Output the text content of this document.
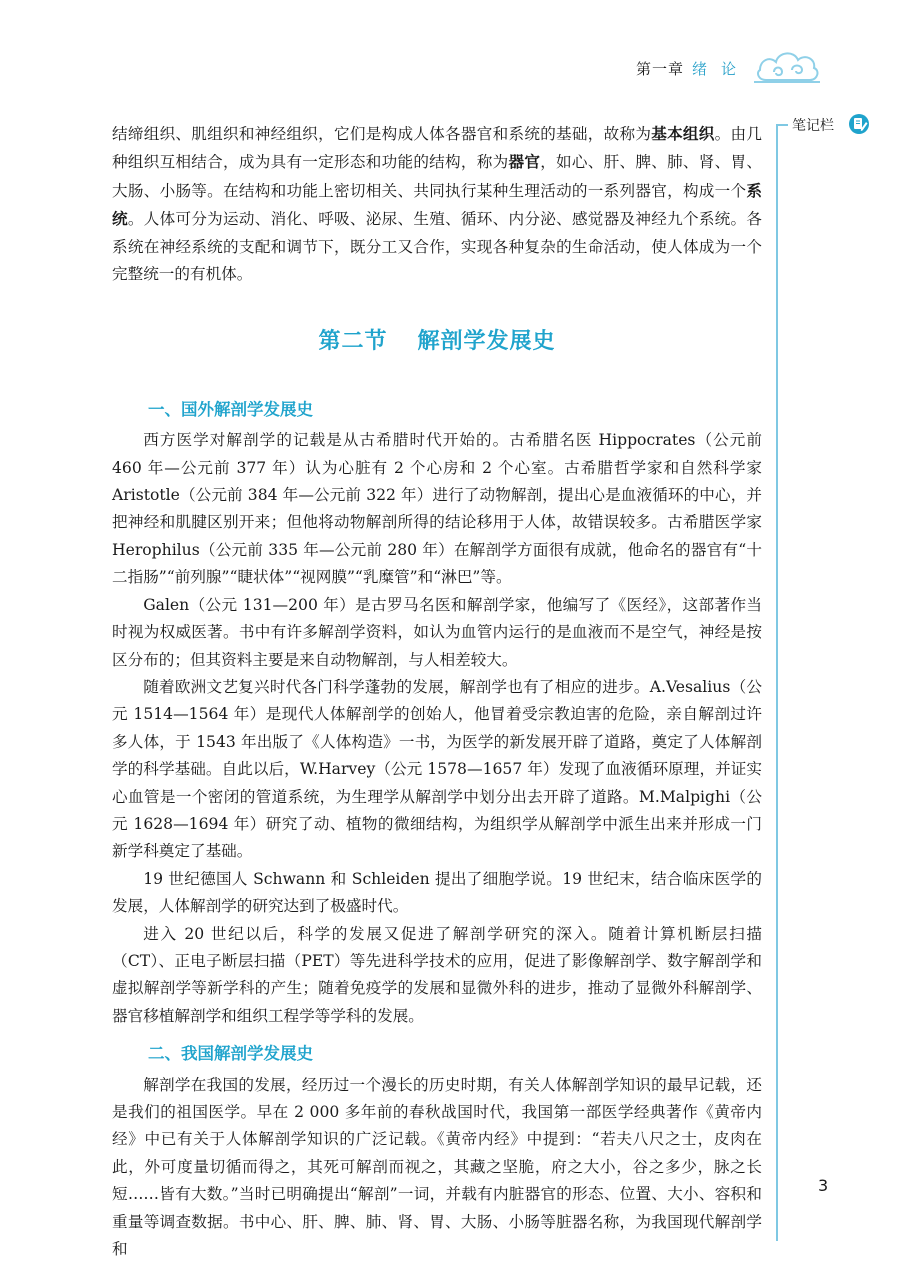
第一章 绪论
笔记栏

结缔组织、肌组织和神经组织，它们是构成人体各器官和系统的基础，故称为基本组织。由几种组织互相结合，成为具有一定形态和功能的结构，称为器官，如心、肝、脾、肺、肾、胃、大肠、小肠等。在结构和功能上密切相关、共同执行某种生理活动的一系列器官，构成一个系统。人体可分为运动、消化、呼吸、泌尿、生殖、循环、内分泌、感觉器及神经九个系统。各系统在神经系统的支配和调节下，既分工又合作，实现各种复杂的生命活动，使人体成为一个完整统一的有机体。

第二节 解剖学发展史
一、国外解剖学发展史

西方医学对解剖学的记载是从古希腊时代开始的。古希腊名医 Hippocrates（公元前 460 年—公元前 377 年）认为心脏有 2 个心房和 2 个心室。古希腊哲学家和自然科学家 Aristotle（公元前 384 年—公元前 322 年）进行了动物解剖，提出心是血液循环的中心，并把神经和肌腱区别开来；但他将动物解剖所得的结论移用于人体，故错误较多。古希腊医学家 Herophilus（公元前 335 年—公元前 280 年）在解剖学方面很有成就，他命名的器官有“十二指肠”“前列腺”“睫状体”“视网膜”“乳糜管”和“淋巴”等。

Galen（公元 131—200 年）是古罗马名医和解剖学家，他编写了《医经》，这部著作当时视为权威医著。书中有许多解剖学资料，如认为血管内运行的是血液而不是空气，神经是按区分布的；但其资料主要是来自动物解剖，与人相差较大。

随着欧洲文艺复兴时代各门科学蓬勃的发展，解剖学也有了相应的进步。A.Vesalius（公元 1514—1564 年）是现代人体解剖学的创始人，他冒着受宗教迫害的危险，亲自解剖过许多人体，于 1543 年出版了《人体构造》一书，为医学的新发展开辟了道路，奠定了人体解剖学的科学基础。自此以后，W.Harvey（公元 1578—1657 年）发现了血液循环原理，并证实心血管是一个密闭的管道系统，为生理学从解剖学中划分出去开辟了道路。M.Malpighi（公元 1628—1694 年）研究了动、植物的微细结构，为组织学从解剖学中派生出来并形成一门新学科奠定了基础。

19 世纪德国人 Schwann 和 Schleiden 提出了细胞学说。19 世纪末，结合临床医学的发展，人体解剖学的研究达到了极盛时代。

进入 20 世纪以后，科学的发展又促进了解剖学研究的深入。随着计算机断层扫描（CT）、正电子断层扫描（PET）等先进科学技术的应用，促进了影像解剖学、数字解剖学和虚拟解剖学等新学科的产生；随着免疫学的发展和显微外科的进步，推动了显微外科解剖学、器官移植解剖学和组织工程学等学科的发展。

二、我国解剖学发展史

解剖学在我国的发展，经历过一个漫长的历史时期，有关人体解剖学知识的最早记载，还是我们的祖国医学。早在 2 000 多年前的春秋战国时代，我国第一部医学经典著作《黄帝内经》中已有关于人体解剖学知识的广泛记载。《黄帝内经》中提到：“若夫八尺之士，皮肉在此，外可度量切循而得之，其死可解剖而视之，其藏之坚脆，府之大小，谷之多少，脉之长短……皆有大数。”当时已明确提出“解剖”一词，并载有内脏器官的形态、位置、大小、容积和重量等调查数据。书中心、肝、脾、肺、肾、胃、大肠、小肠等脏器名称，为我国现代解剖学和

3
